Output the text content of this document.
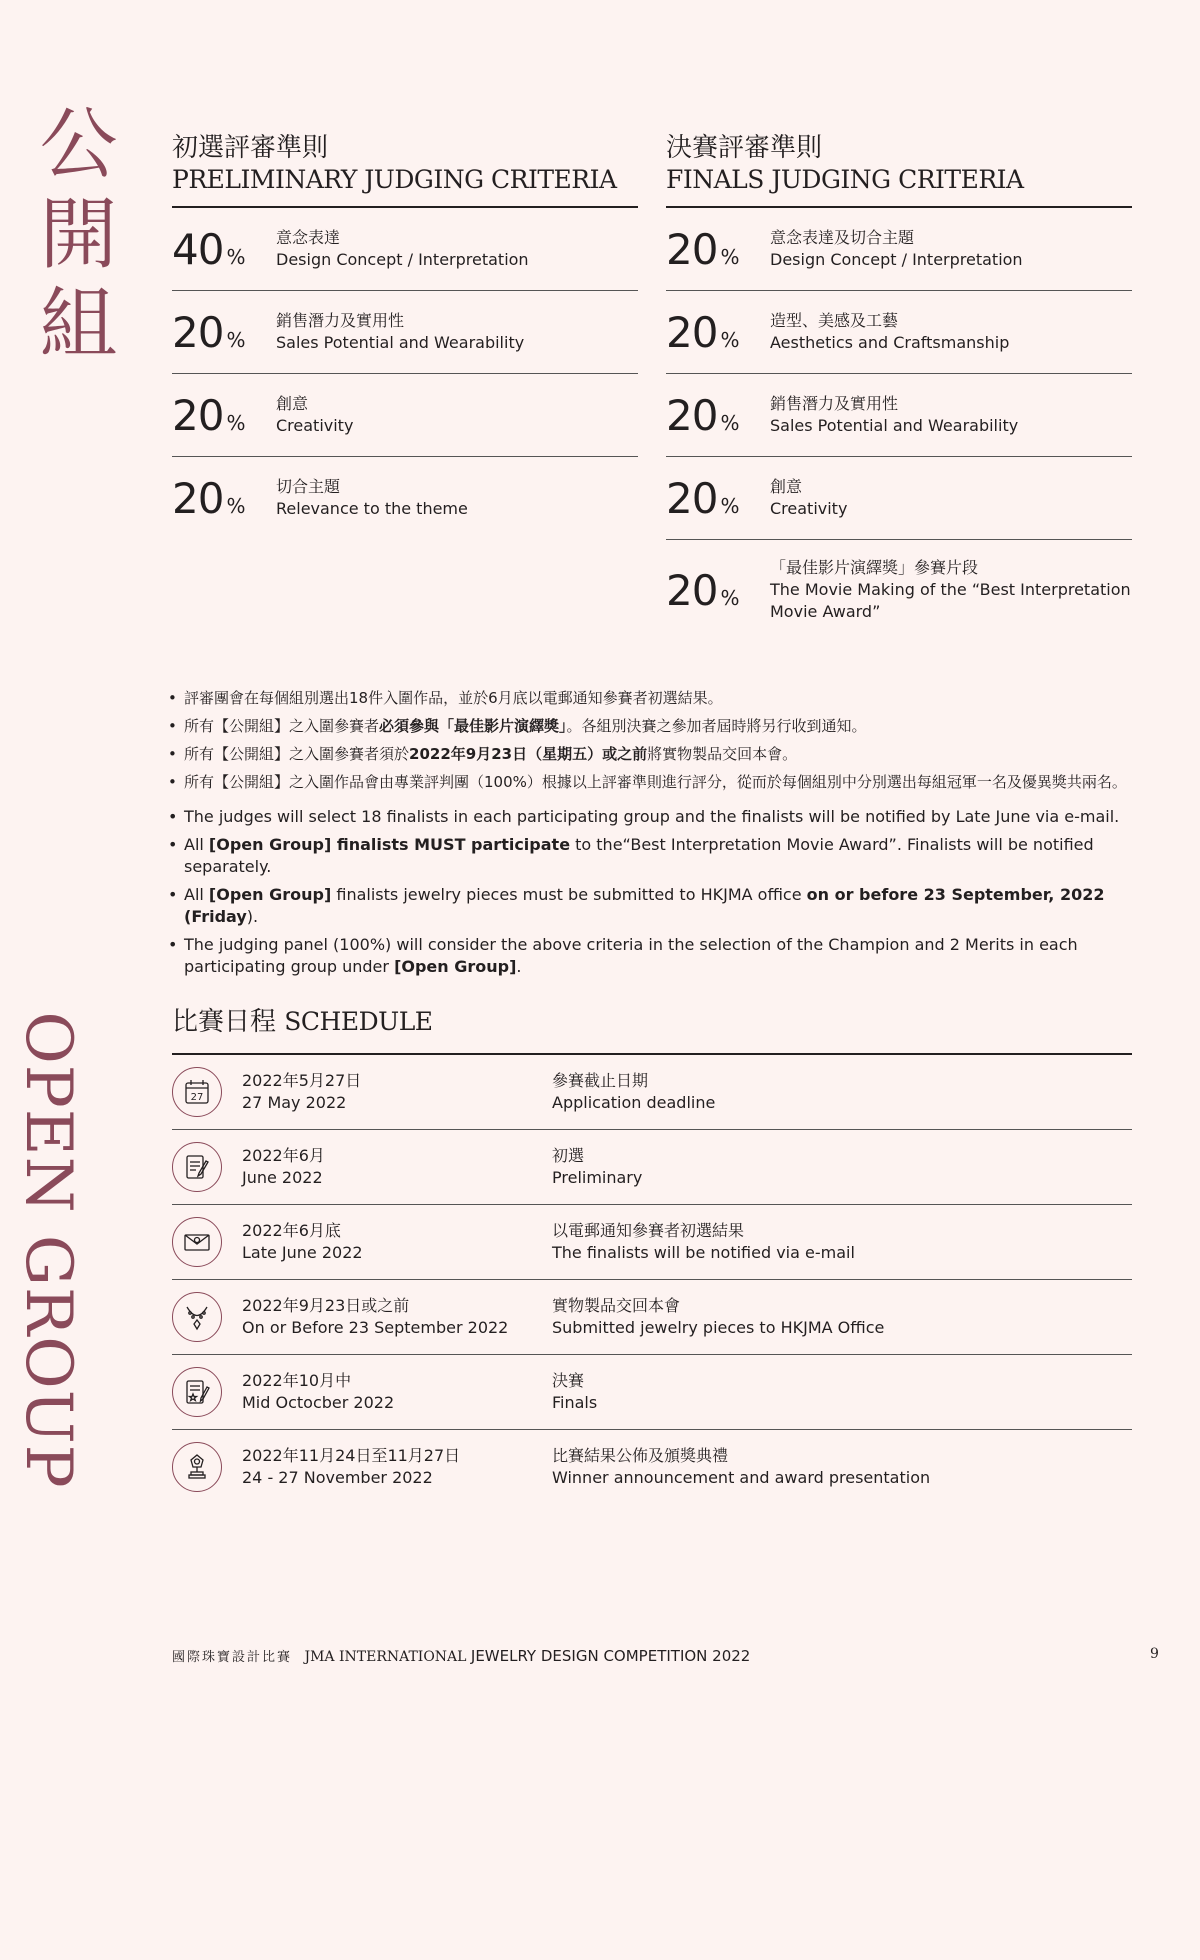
公開組
OPEN GROUP
初選評審準則
PRELIMINARY JUDGING CRITERIA
40 %
意念表達
Design Concept / Interpretation
20 %
銷售潛力及實用性
Sales Potential and Wearability
20 %
創意
Creativity
20 %
切合主題
Relevance to the theme
決賽評審準則
FINALS JUDGING CRITERIA
20 %
意念表達及切合主題
Design Concept / Interpretation
20 %
造型、美感及工藝
Aesthetics and Craftsmanship
20 %
銷售潛力及實用性
Sales Potential and Wearability
20 %
創意
Creativity
20 %
「最佳影片演繹獎」參賽片段
The Movie Making of the “Best Interpretation Movie Award”
• 評審團會在每個組別選出18件入圍作品，並於6月底以電郵通知參賽者初選結果。
• 所有【公開組】之入圍參賽者必須參與「最佳影片演繹獎」。各組別決賽之參加者屆時將另行收到通知。
• 所有【公開組】之入圍參賽者須於2022年9月23日（星期五）或之前將實物製品交回本會。
• 所有【公開組】之入圍作品會由專業評判團（100%）根據以上評審準則進行評分，從而於每個組別中分別選出每組冠軍一名及優異獎共兩名。
• The judges will select 18 finalists in each participating group and the finalists will be notified by Late June via e-mail.
• All [Open Group] finalists MUST participate to the“Best Interpretation Movie Award”. Finalists will be notified separately.
• All [Open Group] finalists jewelry pieces must be submitted to HKJMA office on or before 23 September, 2022 (Friday).
• The judging panel (100%) will consider the above criteria in the selection of the Champion and 2 Merits in each participating group under [Open Group].
比賽日程 SCHEDULE
27
2022年5月27日
27 May 2022
參賽截止日期
Application deadline
2022年6月
June 2022
初選
Preliminary
2022年6月底
Late June 2022
以電郵通知參賽者初選結果
The finalists will be notified via e-mail
2022年9月23日或之前
On or Before 23 September 2022
實物製品交回本會
Submitted jewelry pieces to HKJMA Office
2022年10月中
Mid Octocber 2022
決賽
Finals
2022年11月24日至11月27日
24 - 27 November 2022
比賽結果公佈及頒獎典禮
Winner announcement and award presentation
國際珠寶設計比賽 JMA INTERNATIONAL JEWELRY DESIGN COMPETITION 2022	9
